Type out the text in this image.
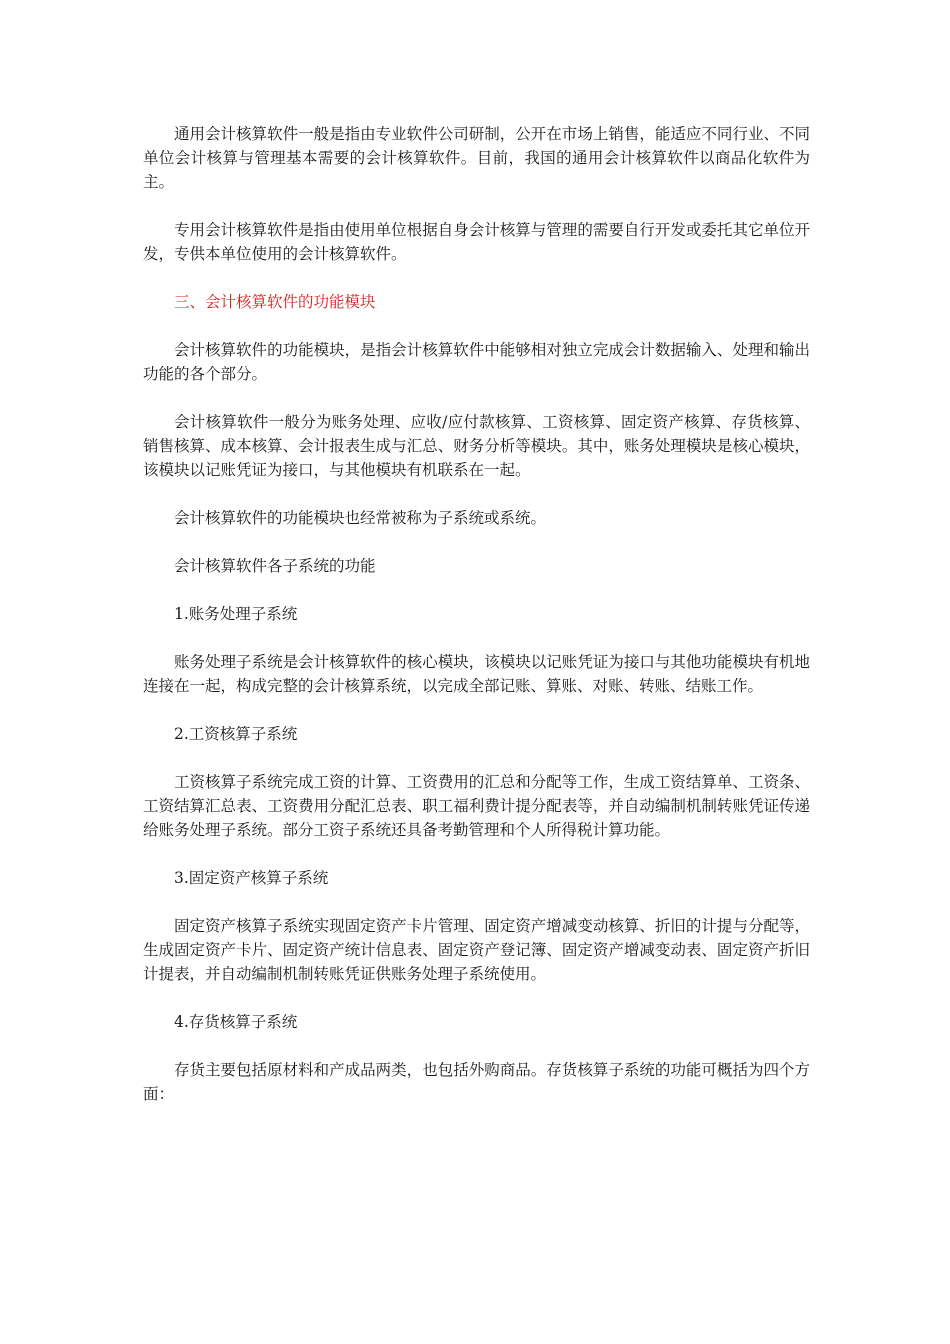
通用会计核算软件一般是指由专业软件公司研制，公开在市场上销售，能适应不同行业、不同单位会计核算与管理基本需要的会计核算软件。目前，我国的通用会计核算软件以商品化软件为主。

专用会计核算软件是指由使用单位根据自身会计核算与管理的需要自行开发或委托其它单位开发，专供本单位使用的会计核算软件。

三、会计核算软件的功能模块

会计核算软件的功能模块，是指会计核算软件中能够相对独立完成会计数据输入、处理和输出功能的各个部分。

会计核算软件一般分为账务处理、应收/应付款核算、工资核算、固定资产核算、存货核算、销售核算、成本核算、会计报表生成与汇总、财务分析等模块。其中，账务处理模块是核心模块，该模块以记账凭证为接口，与其他模块有机联系在一起。

会计核算软件的功能模块也经常被称为子系统或系统。

会计核算软件各子系统的功能

1.账务处理子系统

账务处理子系统是会计核算软件的核心模块，该模块以记账凭证为接口与其他功能模块有机地连接在一起，构成完整的会计核算系统，以完成全部记账、算账、对账、转账、结账工作。

2.工资核算子系统

工资核算子系统完成工资的计算、工资费用的汇总和分配等工作，生成工资结算单、工资条、工资结算汇总表、工资费用分配汇总表、职工福利费计提分配表等，并自动编制机制转账凭证传递给账务处理子系统。部分工资子系统还具备考勤管理和个人所得税计算功能。

3.固定资产核算子系统

固定资产核算子系统实现固定资产卡片管理、固定资产增减变动核算、折旧的计提与分配等，生成固定资产卡片、固定资产统计信息表、固定资产登记簿、固定资产增减变动表、固定资产折旧计提表，并自动编制机制转账凭证供账务处理子系统使用。

4.存货核算子系统

存货主要包括原材料和产成品两类，也包括外购商品。存货核算子系统的功能可概括为四个方面：
